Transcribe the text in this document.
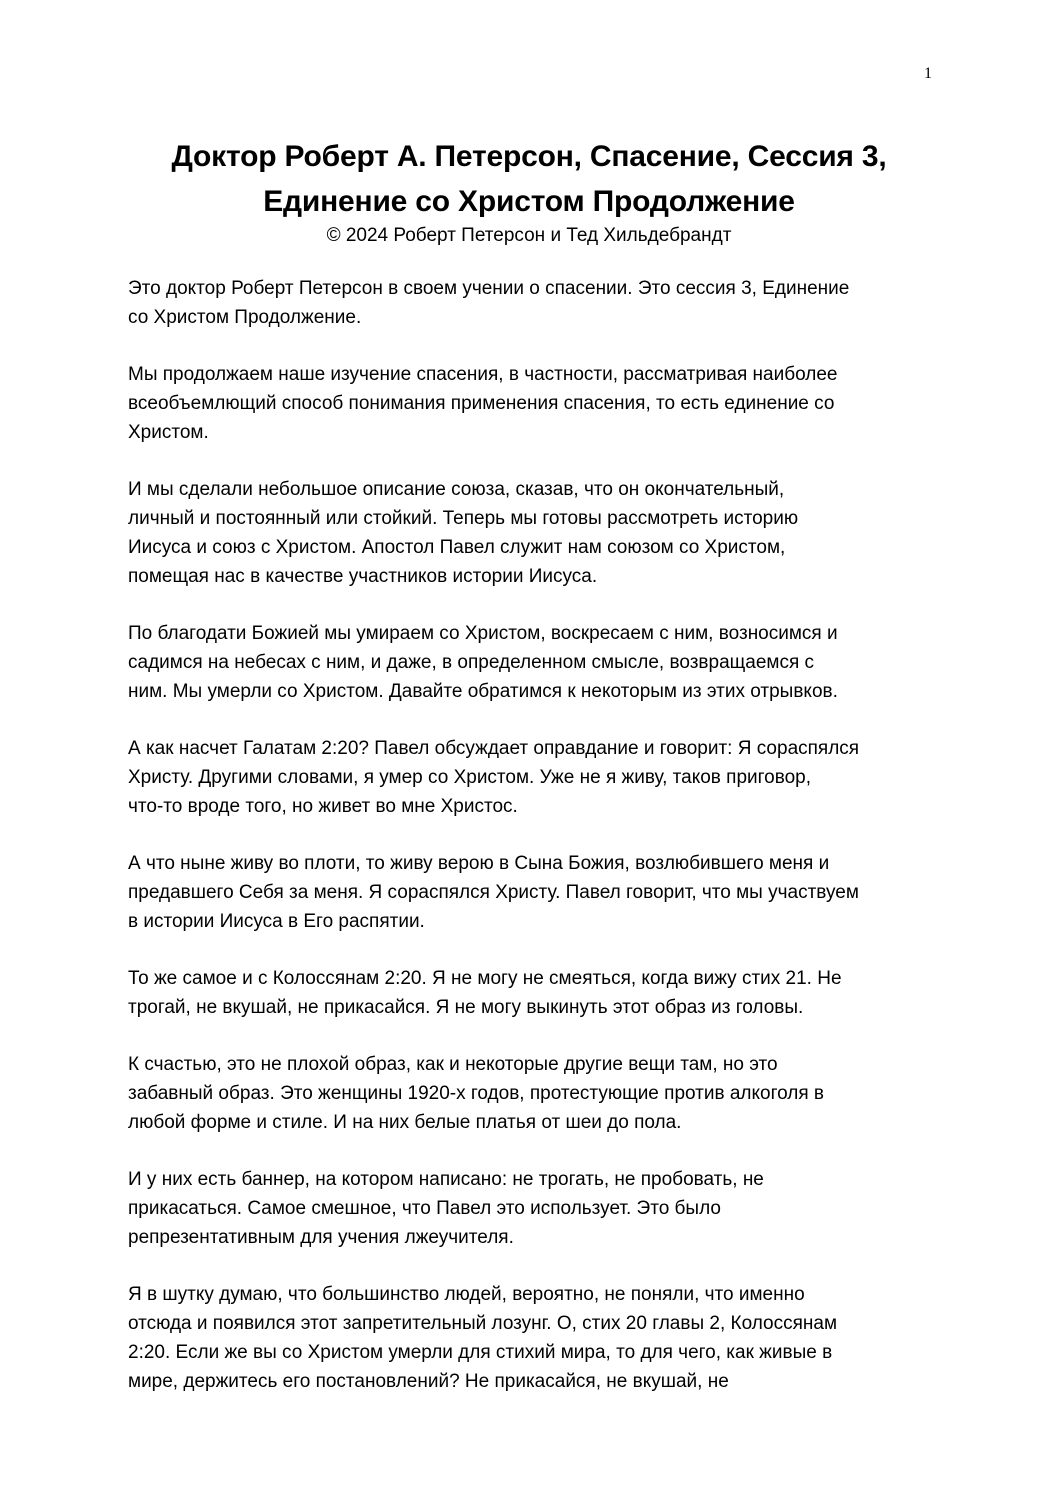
1
Доктор Роберт А. Петерсон, Спасение, Сессия 3,
Единение со Христом Продолжение

© 2024 Роберт Петерсон и Тед Хильдебрандт

Это доктор Роберт Петерсон в своем учении о спасении. Это сессия 3, Единение
со Христом Продолжение.

Мы продолжаем наше изучение спасения, в частности, рассматривая наиболее
всеобъемлющий способ понимания применения спасения, то есть единение со
Христом.

И мы сделали небольшое описание союза, сказав, что он окончательный,
личный и постоянный или стойкий. Теперь мы готовы рассмотреть историю
Иисуса и союз с Христом. Апостол Павел служит нам союзом со Христом,
помещая нас в качестве участников истории Иисуса.

По благодати Божией мы умираем со Христом, воскресаем с ним, возносимся и
садимся на небесах с ним, и даже, в определенном смысле, возвращаемся с
ним. Мы умерли со Христом. Давайте обратимся к некоторым из этих отрывков.

А как насчет Галатам 2:20? Павел обсуждает оправдание и говорит: Я сораспялся
Христу. Другими словами, я умер со Христом. Уже не я живу, таков приговор,
что-то вроде того, но живет во мне Христос.

А что ныне живу во плоти, то живу верою в Сына Божия, возлюбившего меня и
предавшего Себя за меня. Я сораспялся Христу. Павел говорит, что мы участвуем
в истории Иисуса в Его распятии.

То же самое и с Колоссянам 2:20. Я не могу не смеяться, когда вижу стих 21. Не
трогай, не вкушай, не прикасайся. Я не могу выкинуть этот образ из головы.

К счастью, это не плохой образ, как и некоторые другие вещи там, но это
забавный образ. Это женщины 1920-х годов, протестующие против алкоголя в
любой форме и стиле. И на них белые платья от шеи до пола.

И у них есть баннер, на котором написано: не трогать, не пробовать, не
прикасаться. Самое смешное, что Павел это использует. Это было
репрезентативным для учения лжеучителя.

Я в шутку думаю, что большинство людей, вероятно, не поняли, что именно
отсюда и появился этот запретительный лозунг. О, стих 20 главы 2, Колоссянам
2:20. Если же вы со Христом умерли для стихий мира, то для чего, как живые в
мире, держитесь его постановлений? Не прикасайся, не вкушай, не
